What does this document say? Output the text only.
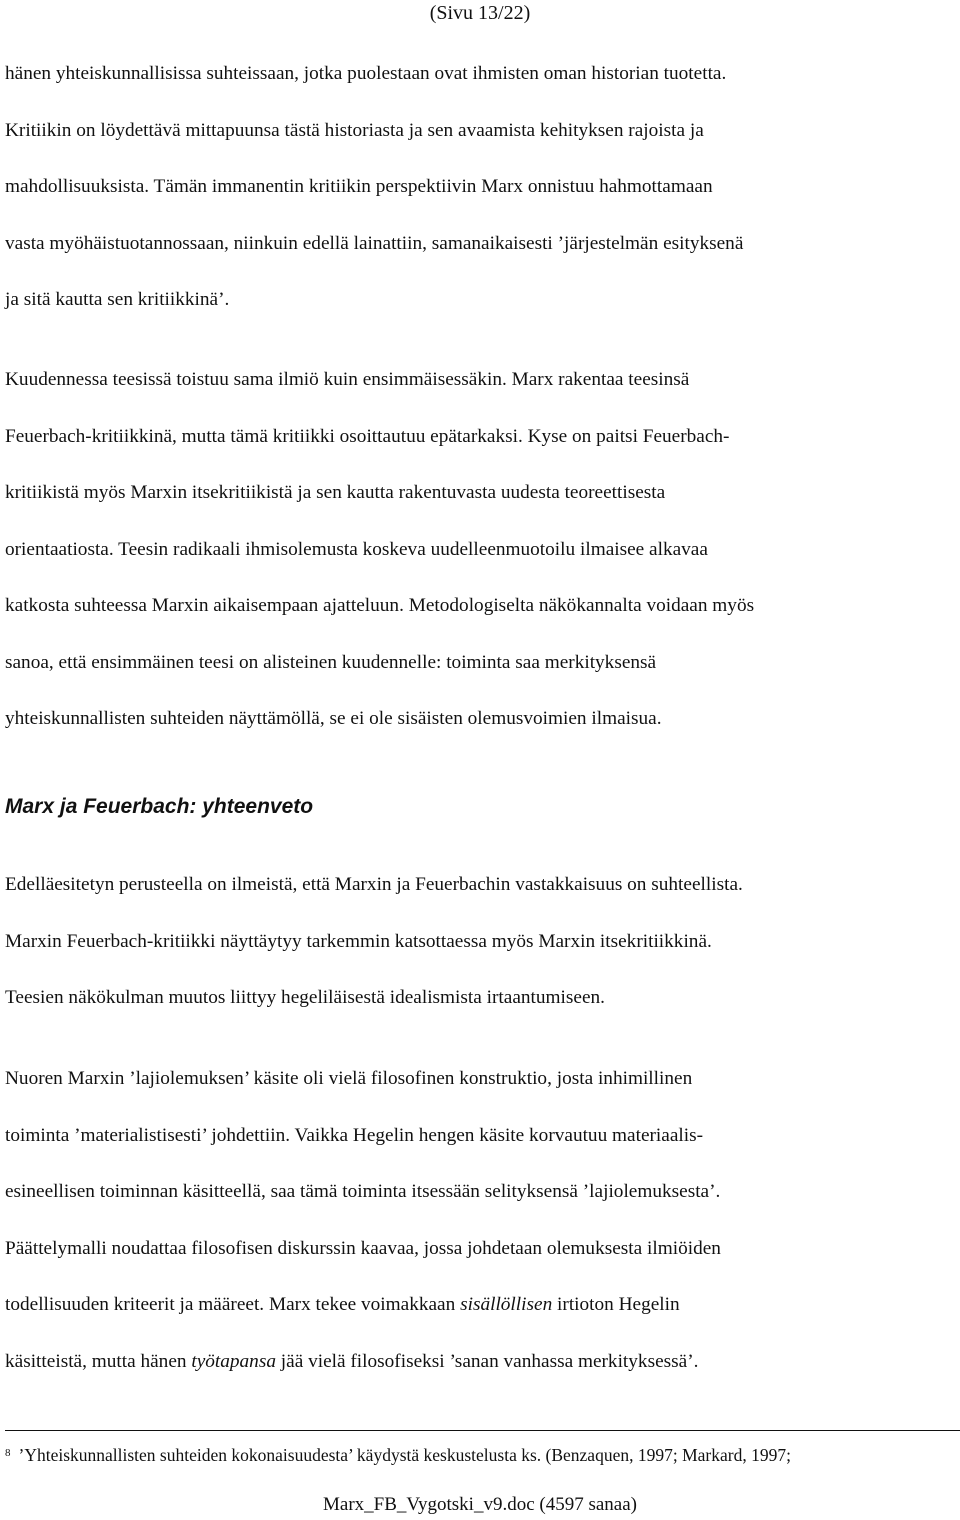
(Sivu 13/22)
hänen yhteiskunnallisissa suhteissaan, jotka puolestaan ovat ihmisten oman historian tuotetta.
Kritiikin on löydettävä mittapuunsa tästä historiasta ja sen avaamista kehityksen rajoista ja
mahdollisuuksista. Tämän immanentin kritiikin perspektiivin Marx onnistuu hahmottamaan
vasta myöhäistuotannossaan, niinkuin edellä lainattiin, samanaikaisesti ’järjestelmän esityksenä
ja sitä kautta sen kritiikkinä’.
Kuudennessa teesissä toistuu sama ilmiö kuin ensimmäisessäkin. Marx rakentaa teesinsä
Feuerbach-kritiikkinä, mutta tämä kritiikki osoittautuu epätarkaksi. Kyse on paitsi Feuerbach-
kritiikistä myös Marxin itsekritiikistä ja sen kautta rakentuvasta uudesta teoreettisesta
orientaatiosta. Teesin radikaali ihmisolemusta koskeva uudelleenmuotoilu ilmaisee alkavaa
katkosta suhteessa Marxin aikaisempaan ajatteluun. Metodologiselta näkökannalta voidaan myös
sanoa, että ensimmäinen teesi on alisteinen kuudennelle: toiminta saa merkityksensä
yhteiskunnallisten suhteiden näyttämöllä, se ei ole sisäisten olemusvoimien ilmaisua.
Marx ja Feuerbach: yhteenveto
Edelläesitetyn perusteella on ilmeistä, että Marxin ja Feuerbachin vastakkaisuus on suhteellista.
Marxin Feuerbach-kritiikki näyttäytyy tarkemmin katsottaessa myös Marxin itsekritiikkinä.
Teesien näkökulman muutos liittyy hegeliläisestä idealismista irtaantumiseen.
Nuoren Marxin ’lajiolemuksen’ käsite oli vielä filosofinen konstruktio, josta inhimillinen
toiminta ’materialistisesti’ johdettiin. Vaikka Hegelin hengen käsite korvautuu materiaalis-
esineellisen toiminnan käsitteellä, saa tämä toiminta itsessään selityksensä ’lajiolemuksesta’.
Päättelymalli noudattaa filosofisen diskurssin kaavaa, jossa johdetaan olemuksesta ilmiöiden
todellisuuden kriteerit ja määreet. Marx tekee voimakkaan sisällöllisen irtioton Hegelin
käsitteistä, mutta hänen työtapansa jää vielä filosofiseksi ’sanan vanhassa merkityksessä’.
$^8$ ’Yhteiskunnallisten suhteiden kokonaisuudesta’ käydystä keskustelusta ks. (Benzaquen, 1997; Markard, 1997;
Marx_FB_Vygotski_v9.doc (4597 sanaa)
